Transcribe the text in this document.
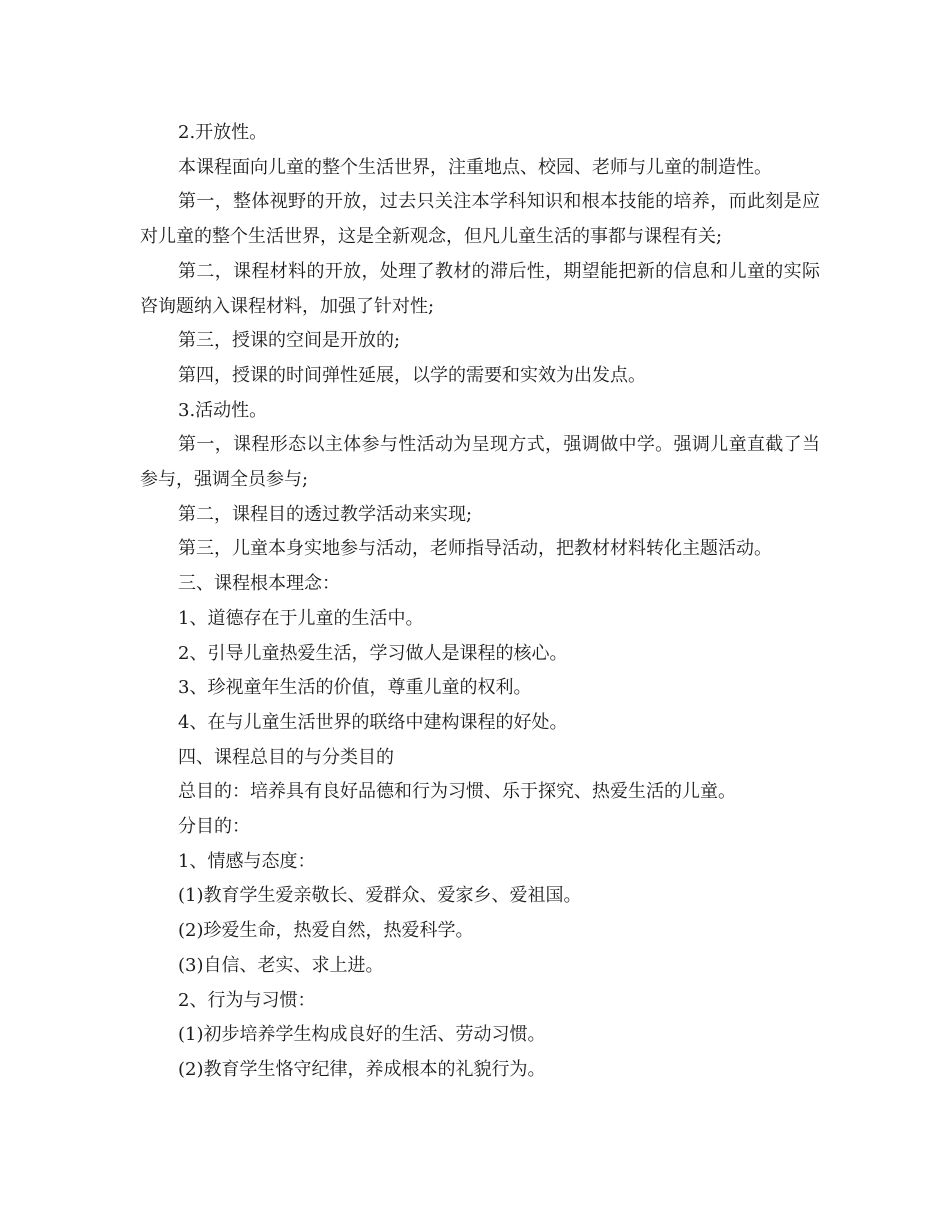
2.开放性。

本课程面向儿童的整个生活世界，注重地点、校园、老师与儿童的制造性。

第一，整体视野的开放，过去只关注本学科知识和根本技能的培养，而此刻是应对儿童的整个生活世界，这是全新观念，但凡儿童生活的事都与课程有关;

第二，课程材料的开放，处理了教材的滞后性，期望能把新的信息和儿童的实际咨询题纳入课程材料，加强了针对性;

第三，授课的空间是开放的;

第四，授课的时间弹性延展，以学的需要和实效为出发点。

3.活动性。

第一，课程形态以主体参与性活动为呈现方式，强调做中学。强调儿童直截了当参与，强调全员参与;

第二，课程目的透过教学活动来实现;

第三，儿童本身实地参与活动，老师指导活动，把教材材料转化主题活动。

三、课程根本理念：

1、道德存在于儿童的生活中。

2、引导儿童热爱生活，学习做人是课程的核心。

3、珍视童年生活的价值，尊重儿童的权利。

4、在与儿童生活世界的联络中建构课程的好处。

四、课程总目的与分类目的

总目的：培养具有良好品德和行为习惯、乐于探究、热爱生活的儿童。

分目的：

1、情感与态度：

(1)教育学生爱亲敬长、爱群众、爱家乡、爱祖国。

(2)珍爱生命，热爱自然，热爱科学。

(3)自信、老实、求上进。

2、行为与习惯：

(1)初步培养学生构成良好的生活、劳动习惯。

(2)教育学生恪守纪律，养成根本的礼貌行为。
